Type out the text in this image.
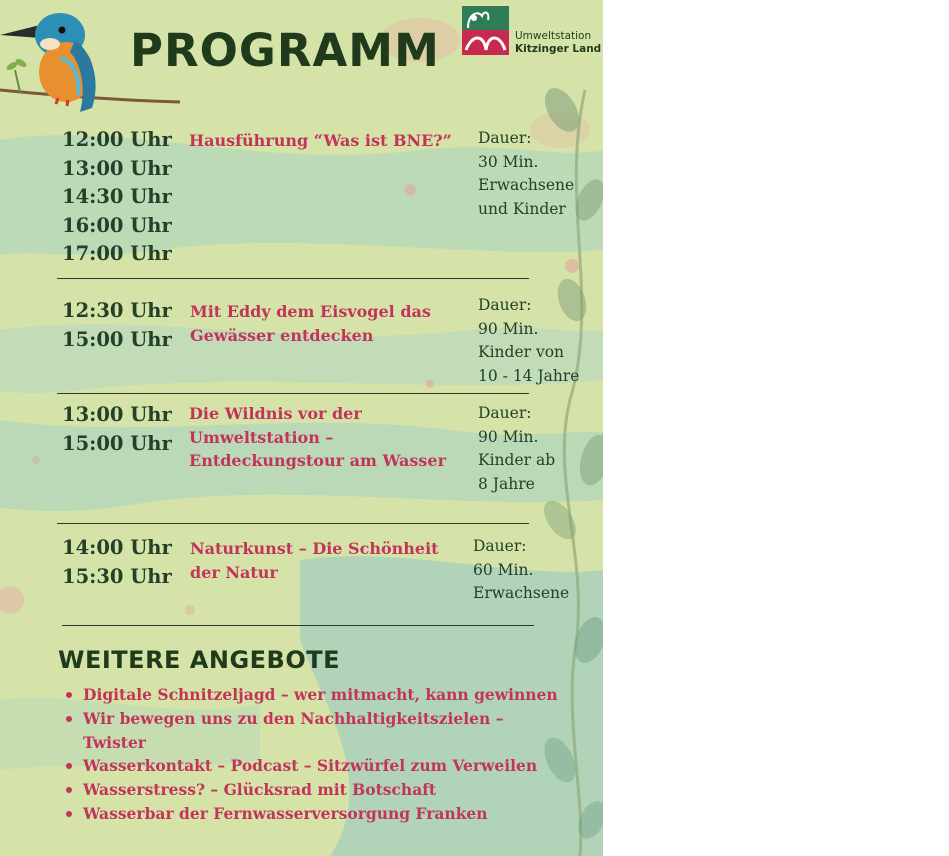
PROGRAMM	Umweltstation
Kitzinger Land
12:00 Uhr
13:00 Uhr
14:30 Uhr
16:00 Uhr
17:00 Uhr
Hausführung “Was ist BNE?” Dauer:
30 Min.
Erwachsene
und Kinder
12:30 Uhr
15:00 Uhr
Mit Eddy dem Eisvogel das
Gewässer entdecken
Dauer:
90 Min.
Kinder von
10 - 14 Jahre
13:00 Uhr
15:00 Uhr
Die Wildnis vor der
Umweltstation –
Entdeckungstour am Wasser
Dauer:
90 Min.
Kinder ab
8 Jahre
14:00 Uhr
15:30 Uhr
Naturkunst – Die Schönheit
der Natur
Dauer:
60 Min.
Erwachsene
WEITERE ANGEBOTE
Digitale Schnitzeljagd – wer mitmacht, kann gewinnen
Wir bewegen uns zu den Nachhaltigkeitszielen –
Twister
Wasserkontakt – Podcast – Sitzwürfel zum Verweilen
Wasserstress? – Glücksrad mit Botschaft
Wasserbar der Fernwasserversorgung Franken
